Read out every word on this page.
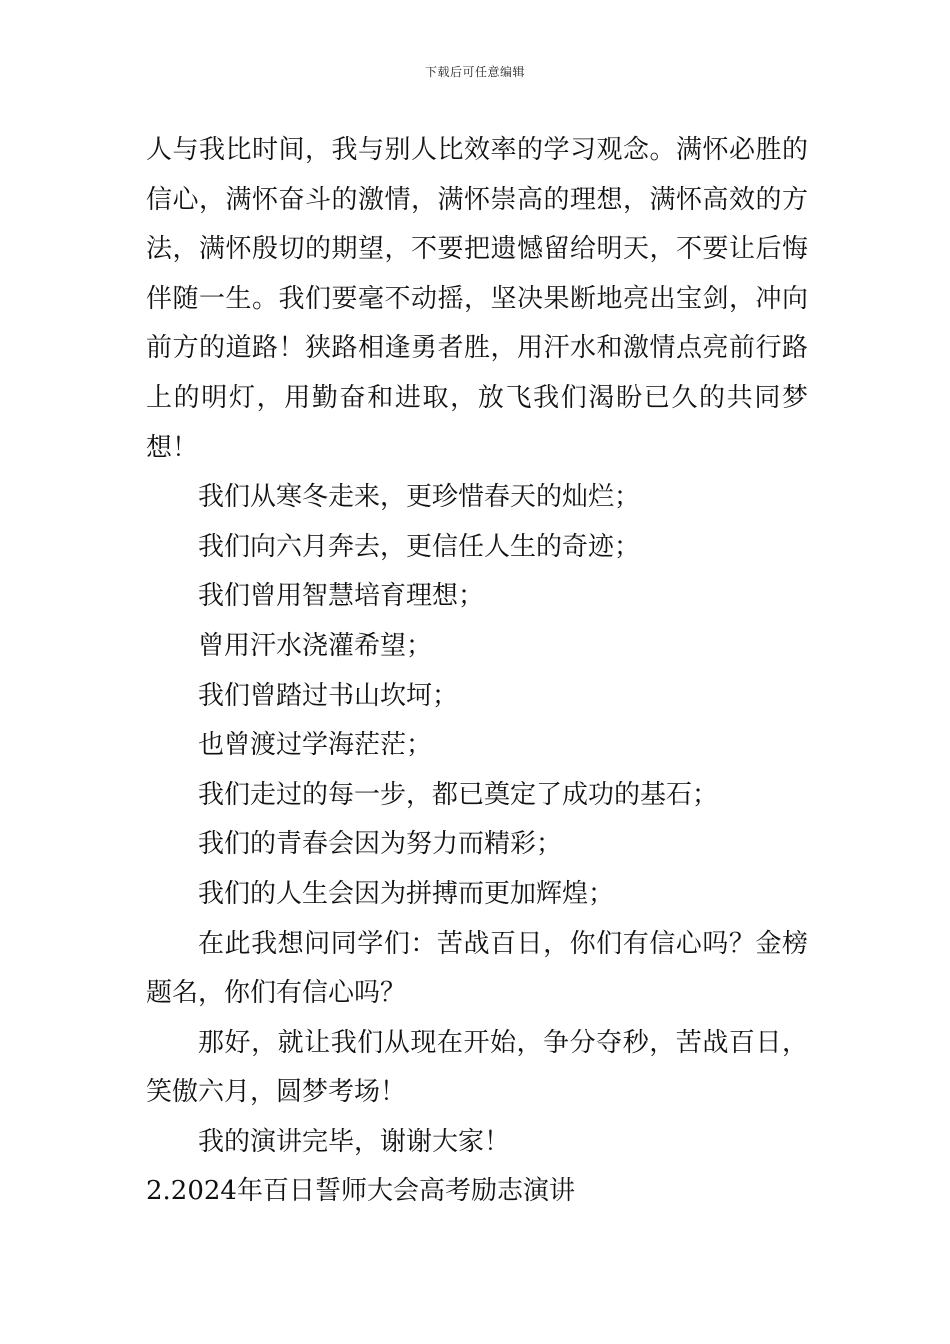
下载后可任意编辑

人与我比时间，我与别人比效率的学习观念。满怀必胜的信心，满怀奋斗的激情，满怀崇高的理想，满怀高效的方法，满怀殷切的期望，不要把遗憾留给明天，不要让后悔伴随一生。我们要毫不动摇，坚决果断地亮出宝剑，冲向前方的道路！狭路相逢勇者胜，用汗水和激情点亮前行路上的明灯，用勤奋和进取，放飞我们渴盼已久的共同梦想！

我们从寒冬走来，更珍惜春天的灿烂；

我们向六月奔去，更信任人生的奇迹；

我们曾用智慧培育理想；

曾用汗水浇灌希望；

我们曾踏过书山坎坷；

也曾渡过学海茫茫；

我们走过的每一步，都已奠定了成功的基石；

我们的青春会因为努力而精彩；

我们的人生会因为拼搏而更加辉煌；

在此我想问同学们：苦战百日，你们有信心吗？金榜题名，你们有信心吗？

那好，就让我们从现在开始，争分夺秒，苦战百日，笑傲六月，圆梦考场！

我的演讲完毕，谢谢大家！

2.2024年百日誓师大会高考励志演讲
